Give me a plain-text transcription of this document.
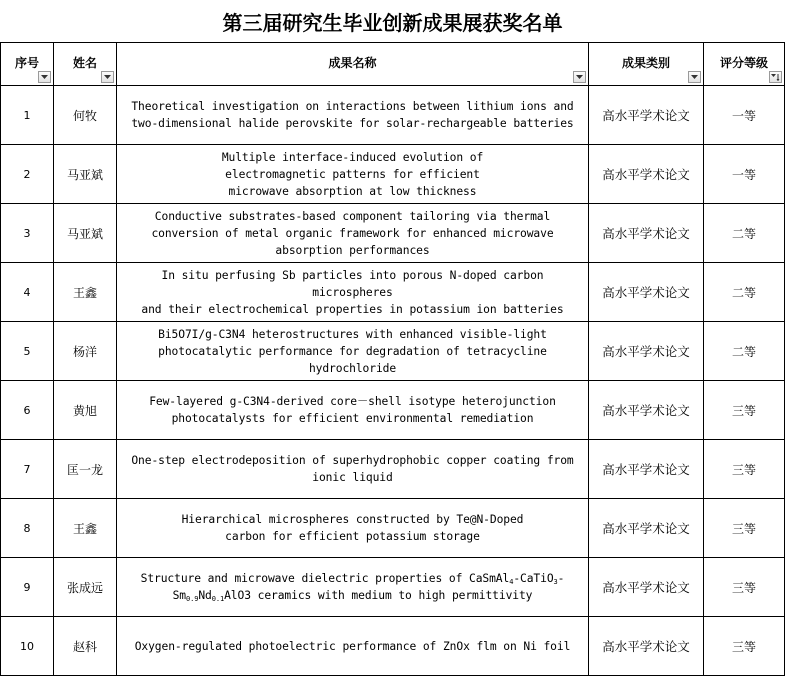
第三届研究生毕业创新成果展获奖名单
序号	姓名	成果名称	成果类别	评分等级

1	何牧	Theoretical investigation on interactions between lithium ions and
two-dimensional halide perovskite for solar-rechargeable batteries	高水平学术论文	一等
2	马亚斌	Multiple interface-induced evolution of
electromagnetic patterns for efficient
microwave absorption at low thickness	高水平学术论文	一等
3	马亚斌	Conductive substrates-based component tailoring via thermal
conversion of metal organic framework for enhanced microwave
absorption performances	高水平学术论文	二等
4	王鑫	In situ perfusing Sb particles into porous N-doped carbon
microspheres
and their electrochemical properties in potassium ion batteries	高水平学术论文	二等
5	杨洋	Bi5O7I/g-C3N4 heterostructures with enhanced visible-light
photocatalytic performance for degradation of tetracycline
hydrochloride	高水平学术论文	二等
6	黄旭	Few-layered g-C3N4-derived core－shell isotype heterojunction
photocatalysts for efficient environmental remediation	高水平学术论文	三等
7	匡一龙	One-step electrodeposition of superhydrophobic copper coating from
ionic liquid	高水平学术论文	三等
8	王鑫	Hierarchical microspheres constructed by Te@N-Doped
carbon for efficient potassium storage	高水平学术论文	三等
9	张成远	Structure and microwave dielectric properties of CaSmAl$_4$-CaTiO$_3$-
$Sm_{0.9}Nd_{0.1}AlO3$ ceramics with medium to high permittivity	高水平学术论文	三等
10	赵科	Oxygen-regulated photoelectric performance of ZnOx flm on Ni foil	高水平学术论文	三等
